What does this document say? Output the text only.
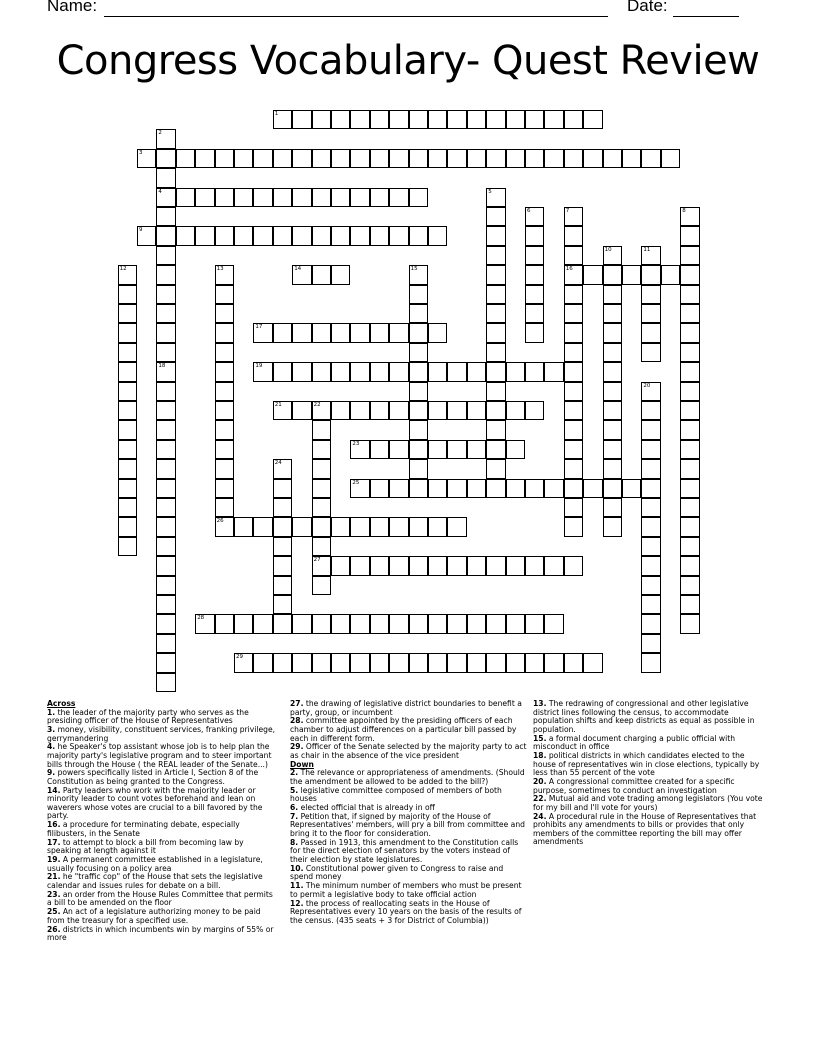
Name:	Date:
Congress Vocabulary- Quest Review
1
2
4
18
3
5
6	7
16
8
9
10	11
12	13	14	15
17
19
20
21	22
27
23
24
25
26
28
29
Across
1. the leader of the majority party who serves as the presiding officer of the House of Representatives
3. money, visibility, constituent services, franking privilege, gerrymandering
4. he Speaker's top assistant whose job is to help plan the majority party's legislative program and to steer important bills through the House ( the REAL leader of the Senate...)
9. powers specifically listed in Article I, Section 8 of the Constitution as being granted to the Congress.
14. Party leaders who work with the majority leader or minority leader to count votes beforehand and lean on waverers whose votes are crucial to a bill favored by the party.
16. a procedure for terminating debate, especially filibusters, in the Senate
17. to attempt to block a bill from becoming law by speaking at length against it
19. A permanent committee established in a legislature, usually focusing on a policy area
21. he "traffic cop" of the House that sets the legislative calendar and issues rules for debate on a bill.
23. an order from the House Rules Committee that permits a bill to be amended on the floor
25. An act of a legislature authorizing money to be paid from the treasury for a specified use.
26. districts in which incumbents win by margins of 55% or more
27. the drawing of legislative district boundaries to benefit a party, group, or incumbent
28. committee appointed by the presiding officers of each chamber to adjust differences on a particular bill passed by each in different form.
29. Officer of the Senate selected by the majority party to act as chair in the absence of the vice president
Down
2. The relevance or appropriateness of amendments. (Should the amendment be allowed to be added to the bill?)
5. legislative committee composed of members of both houses
6. elected official that is already in off
7. Petition that, if signed by majority of the House of Representatives' members, will pry a bill from committee and bring it to the floor for consideration.
8. Passed in 1913, this amendment to the Constitution calls for the direct election of senators by the voters instead of their election by state legislatures.
10. Constitutional power given to Congress to raise and spend money
11. The minimum number of members who must be present to permit a legislative body to take official action
12. the process of reallocating seats in the House of Representatives every 10 years on the basis of the results of the census. (435 seats + 3 for District of Columbia))
13. The redrawing of congressional and other legislative district lines following the census, to accommodate population shifts and keep districts as equal as possible in population.
15. a formal document charging a public official with misconduct in office
18. political districts in which candidates elected to the house of representatives win in close elections, typically by less than 55 percent of the vote
20. A congressional committee created for a specific purpose, sometimes to conduct an investigation
22. Mutual aid and vote trading among legislators (You vote for my bill and I'll vote for yours)
24. A procedural rule in the House of Representatives that prohibits any amendments to bills or provides that only members of the committee reporting the bill may offer amendments
